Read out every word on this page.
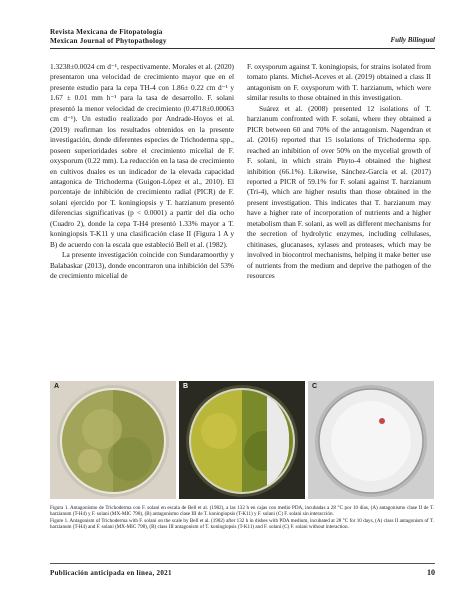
Revista Mexicana de Fitopatología
Mexican Journal of Phytopathology	Fully Bilingual

1.3238±0.0024 cm d⁻¹, respectivamente. Morales et al. (2020) presentaron una velocidad de crecimiento mayor que en el presente estudio para la cepa TH-4 con 1.86± 0.22 cm d⁻¹ y 1.67 ± 0.01 mm h⁻¹ para la tasa de desarrollo. F. solani presentó la menor velocidad de crecimiento (0.4718±0.00063 cm d⁻¹). Un estudio realizado por Andrade-Hoyos et al. (2019) reafirman los resultados obtenidos en la presente investigación, donde diferentes especies de Trichoderma spp., poseen superioridades sobre el crecimiento micelial de F. oxysporum (0.22 mm). La reducción en la tasa de crecimiento en cultivos duales es un indicador de la elevada capacidad antagonica de Trichoderma (Guigon-López et al., 2010). El porcentaje de inhibición de crecimiento radial (PICR) de F. solani ejercido por T. koningiopsis y T. harzianum presentó diferencias significativas (p < 0.0001) a partir del día ocho (Cuadro 2), donde la cepa T-H4 presentó 1.33% mayor a T. koningiopsis T-K11 y una clasificación clase II (Figura 1 A y B) de acuerdo con la escala que estableció Bell et al. (1982).

La presente investigación coincide con Sundaramoorthy y Balabaskar (2013), donde encontraron una inhibición del 53% de crecimiento micelial de

F. oxysporum against T. koningiopsis, for strains isolated from tomato plants. Michel-Aceves et al. (2019) obtained a class II antagonism on F. oxysporum with T. harzianum, which were similar results to those obtained in this investigation.

Suárez et al. (2008) presented 12 isolations of T. harzianum confronted with F. solani, where they obtained a PICR between 60 and 70% of the antagonism. Nagendran et al. (2016) reported that 15 isolations of Trichoderma spp. reached an inhibition of over 50% on the mycelial growth of F. solani, in which strain Phyto-4 obtained the highest inhibition (66.1%). Likewise, Sánchez-García et al. (2017) reported a PICR of 59.1% for F. solani against T. harzianum (Tri-4), which are higher results than those obtained in the present investigation. This indicates that T. harzianum may have a higher rate of incorporation of nutrients and a higher metabolism than F. solani, as well as different mechanisms for the secretion of hydrolytic enzymes, including cellulases, chitinases, glucanases, xylases and proteases, which may be involved in biocontrol mechanisms, helping it make better use of nutrients from the medium and deprive the pathogen of the resources

A	B	C

Figura 1. Antagonismo de Trichoderma con F. solani en escala de Bell et al. (1982), a las 132 h en cajas con medio PDA, incubadas a 28 °C por 10 días, (A) antagonismo clase II de T. harzianum (T-H4) y F. solani (MX-MIC 798), (B) antagonismo clase III de T. koningiopsis (T-K11) y F. solani (C) F. solani sin interacción.

Figure 1. Antagonism of Trichoderma with F. solani on the scale by Bell et al. (1982) after 132 h in dishes with PDA medium, incubated at 28 °C for 10 days, (A) class II antagonism of T. harzianum (T-H4) and F. solani (MX-MIC 798), (B) class III antagonism of T. koningiopsis (T-K11) and F. solani (C) F. solani without interaction.

Publicación anticipada en línea, 2021	10
